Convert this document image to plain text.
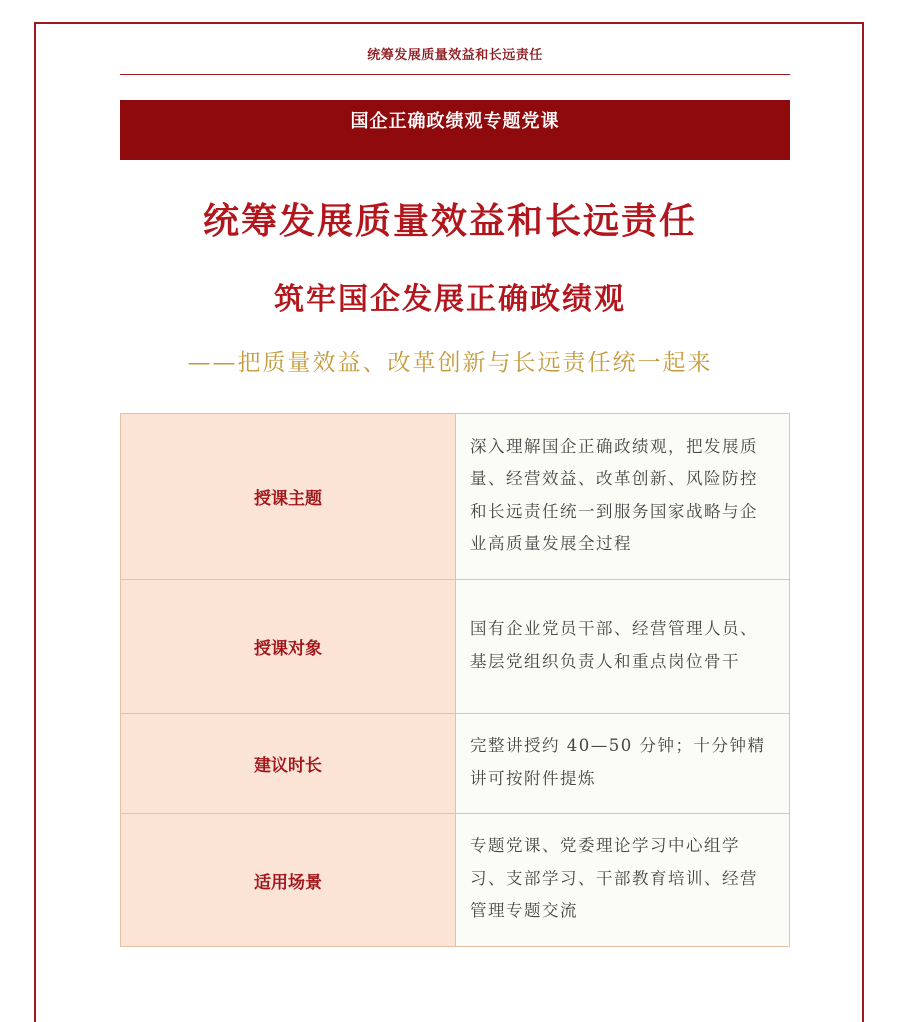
统筹发展质量效益和长远责任
国企正确政绩观专题党课
统筹发展质量效益和长远责任
筑牢国企发展正确政绩观
——把质量效益、改革创新与长远责任统一起来
授课主题	深入理解国企正确政绩观，把发展质量、经营效益、改革创新、风险防控和长远责任统一到服务国家战略与企业高质量发展全过程
授课对象	国有企业党员干部、经营管理人员、基层党组织负责人和重点岗位骨干
建议时长	完整讲授约 40—50 分钟；十分钟精讲可按附件提炼
适用场景	专题党课、党委理论学习中心组学习、支部学习、干部教育培训、经营管理专题交流
